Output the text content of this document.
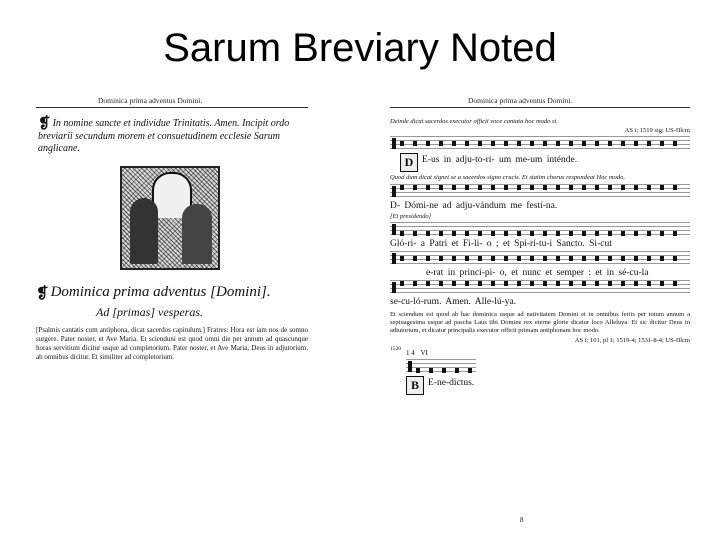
Sarum Breviary Noted
Dominica prima adventus Domini.
❡ In nomine sancte et individue Trinitatis. Amen. Incipit ordo breviarii secundum morem et consuetudinem ecclesie Sarum anglicane.
❡ Dominica prima adventus [Domini].
Ad [primas] vesperas.
[Psalmis cantatis cum antiphona, dicat sacerdos capitulum.] Fratres: Hora est iam nos de somno surgere. Pater noster, et Ave Maria. Et scienduni est quod omni die per annum ad quascunque horas servitium dicitur usque ad completorium. Pater noster, et Ave Maria, Deus in adjutorium, ab omnibus dicitur. Et similiter ad completorium.
Dominica prima adventus Domini.
Deinde dicat sacerdos executor officii voce cantata hoc modo si.
AS i; 1519 sig; US-IIlcm
D E-us in adju-to-ri- um me-um inténde.
Quod dum dicat signet se a sacerdos signo crucis. Et statim chorus respondeat Hoc modo.
D- Dómi-ne ad adju-vándum me festí-na.
[Et presidendo]
Gló-ri- a Patri et Fi-li- o ; et Spi-rí-tu-i Sancto. Si-cut
e-rat in princí-pi- o, et nunc et semper : et in sé-cu-la
se-cu-ló-rum. Amen. Alle-lú-ya.
Et sciendum est quod ab hac dominica usque ad nativitatem Domini et in omnibus feriis per totum annum a septuagesima usque ad pascha Laus tibi Domine rex eterne glorie dicatur loco Alleluya. Et sic dicitur Deus in adiutorium, et dicatur principalis executor officii primam antiphonam hoc modo.
AS i; 101, pl 1; 1519-4; 1531-8-4; US-IIlcm
1520 1 4 VI
B E-ne-dictus.
8
